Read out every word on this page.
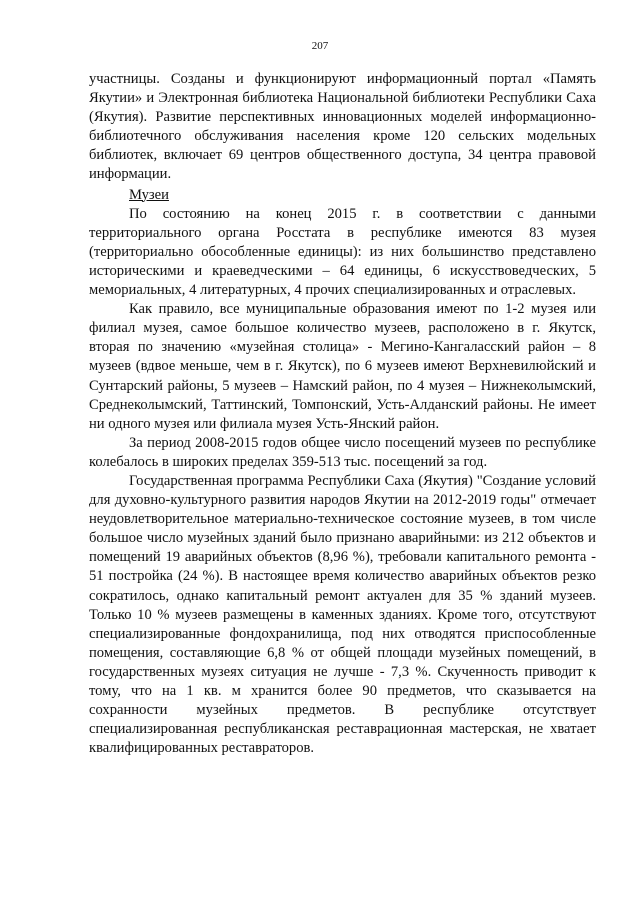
207

участницы. Созданы и функционируют информационный портал «Память Якутии» и Электронная библиотека Национальной библиотеки Республики Саха (Якутия). Развитие перспективных инновационных моделей информационно-библиотечного обслуживания населения кроме 120 сельских модельных библиотек, включает 69 центров общественного доступа, 34 центра правовой информации.

Музеи

По состоянию на конец 2015 г. в соответствии с данными территориального органа Росстата в республике имеются 83 музея (территориально обособленные единицы): из них большинство представлено историческими и краеведческими – 64 единицы, 6 искусствоведческих, 5 мемориальных, 4 литературных, 4 прочих специализированных и отраслевых.

Как правило, все муниципальные образования имеют по 1-2 музея или филиал музея, самое большое количество музеев, расположено в г. Якутск, вторая по значению «музейная столица» - Мегино-Кангаласский район – 8 музеев (вдвое меньше, чем в г. Якутск), по 6 музеев имеют Верхневилюйский и Сунтарский районы, 5 музеев – Намский район, по 4 музея – Нижнеколымский, Среднеколымский, Таттинский, Томпонский, Усть-Алданский районы. Не имеет ни одного музея или филиала музея Усть-Янский район.

За период 2008-2015 годов общее число посещений музеев по республике колебалось в широких пределах 359-513 тыс. посещений за год.

Государственная программа Республики Саха (Якутия) "Создание условий для духовно-культурного развития народов Якутии на 2012-2019 годы" отмечает неудовлетворительное материально-техническое состояние музеев, в том числе большое число музейных зданий было признано аварийными: из 212 объектов и помещений 19 аварийных объектов (8,96 %), требовали капитального ремонта - 51 постройка (24 %). В настоящее время количество аварийных объектов резко сократилось, однако капитальный ремонт актуален для 35 % зданий музеев. Только 10 % музеев размещены в каменных зданиях. Кроме того, отсутствуют специализированные фондохранилища, под них отводятся приспособленные помещения, составляющие 6,8 % от общей площади музейных помещений, в государственных музеях ситуация не лучше - 7,3 %. Скученность приводит к тому, что на 1 кв. м хранится более 90 предметов, что сказывается на сохранности музейных предметов. В республике отсутствует специализированная республиканская реставрационная мастерская, не хватает квалифицированных реставраторов.
